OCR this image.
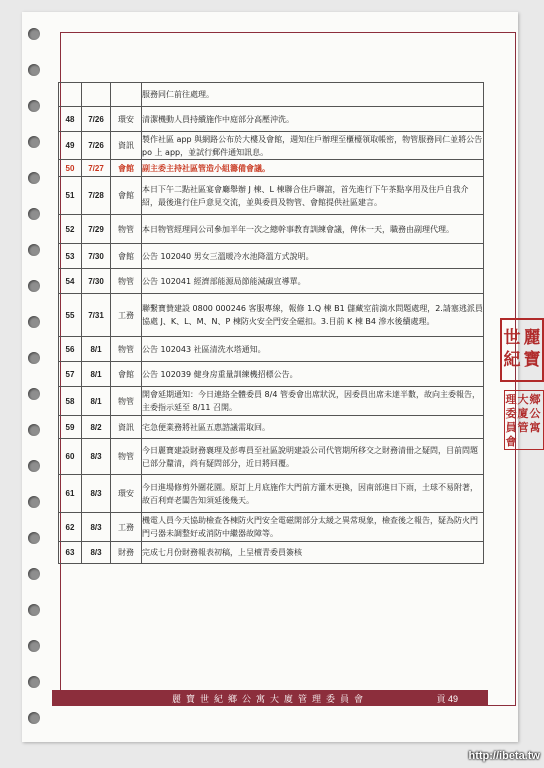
			服務同仁前往處理。
48	7/26	環安	清潔機動人員持續施作中庭部分高壓沖洗。
49	7/26	資訊	製作社區 app 與網路公布於大樓及會館，週知住戶辦理至櫃檯領取帳密，物管服務同仁並將公告 po 上 app，並試行郵件通知訊息。
50	7/27	會館	副主委主持社區管造小組籌備會議。
51	7/28	會館	本日下午二點社區宴會廳舉辦 J 棟、L 棟聯合住戶聯誼，首先進行下午茶點享用及住戶自我介紹，最後進行住戶意見交流，並與委員及物管、會館提供社區建言。
52	7/29	物管	本日物管經理同公司參加半年一次之總幹事教育訓練會議，俾休一天，職務由副理代理。
53	7/30	會館	公告 102040 男女三溫暖冷水池降溫方式說明。
54	7/30	物管	公告 102041 經濟部能源局節能減碳宣導單。
55	7/31	工務	聯繫寶贊建設 0800 000246 客服專線，報修 1.Q 棟 B1 儲藏室前滴水問題處理，2.請塞逃派員協處 J、K、L、M、N、P 棟防火安全門安全磁扣。3.目前 K 棟 B4 滲水後續處理。
56	8/1	物管	公告 102043 社區清洗水塔通知。
57	8/1	會館	公告 102039 健身房重量訓練機招標公告。
58	8/1	物管	開會延期通知：今日連絡全體委員 8/4 管委會出席狀況，因委員出席未達半數，故向主委報告，主委指示延至 8/11 召開。
59	8/2	資訊	宅急便業務將社區五惠諮議需取回。
60	8/3	物管	今日麗寶建設財務襄理及彭專員至社區說明建設公司代管期所移交之財務清冊之疑問，目前問題已部分釐清，尚有疑問部分，近日將回覆。
61	8/3	環安	今日進場修剪外圍花園。原訂上月底施作大門前方灌木更換，因南部進日下雨，土球不易附著，故百利齊老闆告知須延後幾天。
62	8/3	工務	機電人員今天協助檢查各棟防火門安全電磁開部分太緩之異常現象，檢查後之報告，疑為防火門門弓器未調整好或消防中繼器故障等。
63	8/3	財務	完成七月份財務報表初稿，上呈檀青委員簽核
麗寶世紀鄉公寓大廈管理委員會	貢 49
麗
寶
世
紀
鄉
公
寓
大
廈
管
理
委
員
會
http://ibeta.tw
